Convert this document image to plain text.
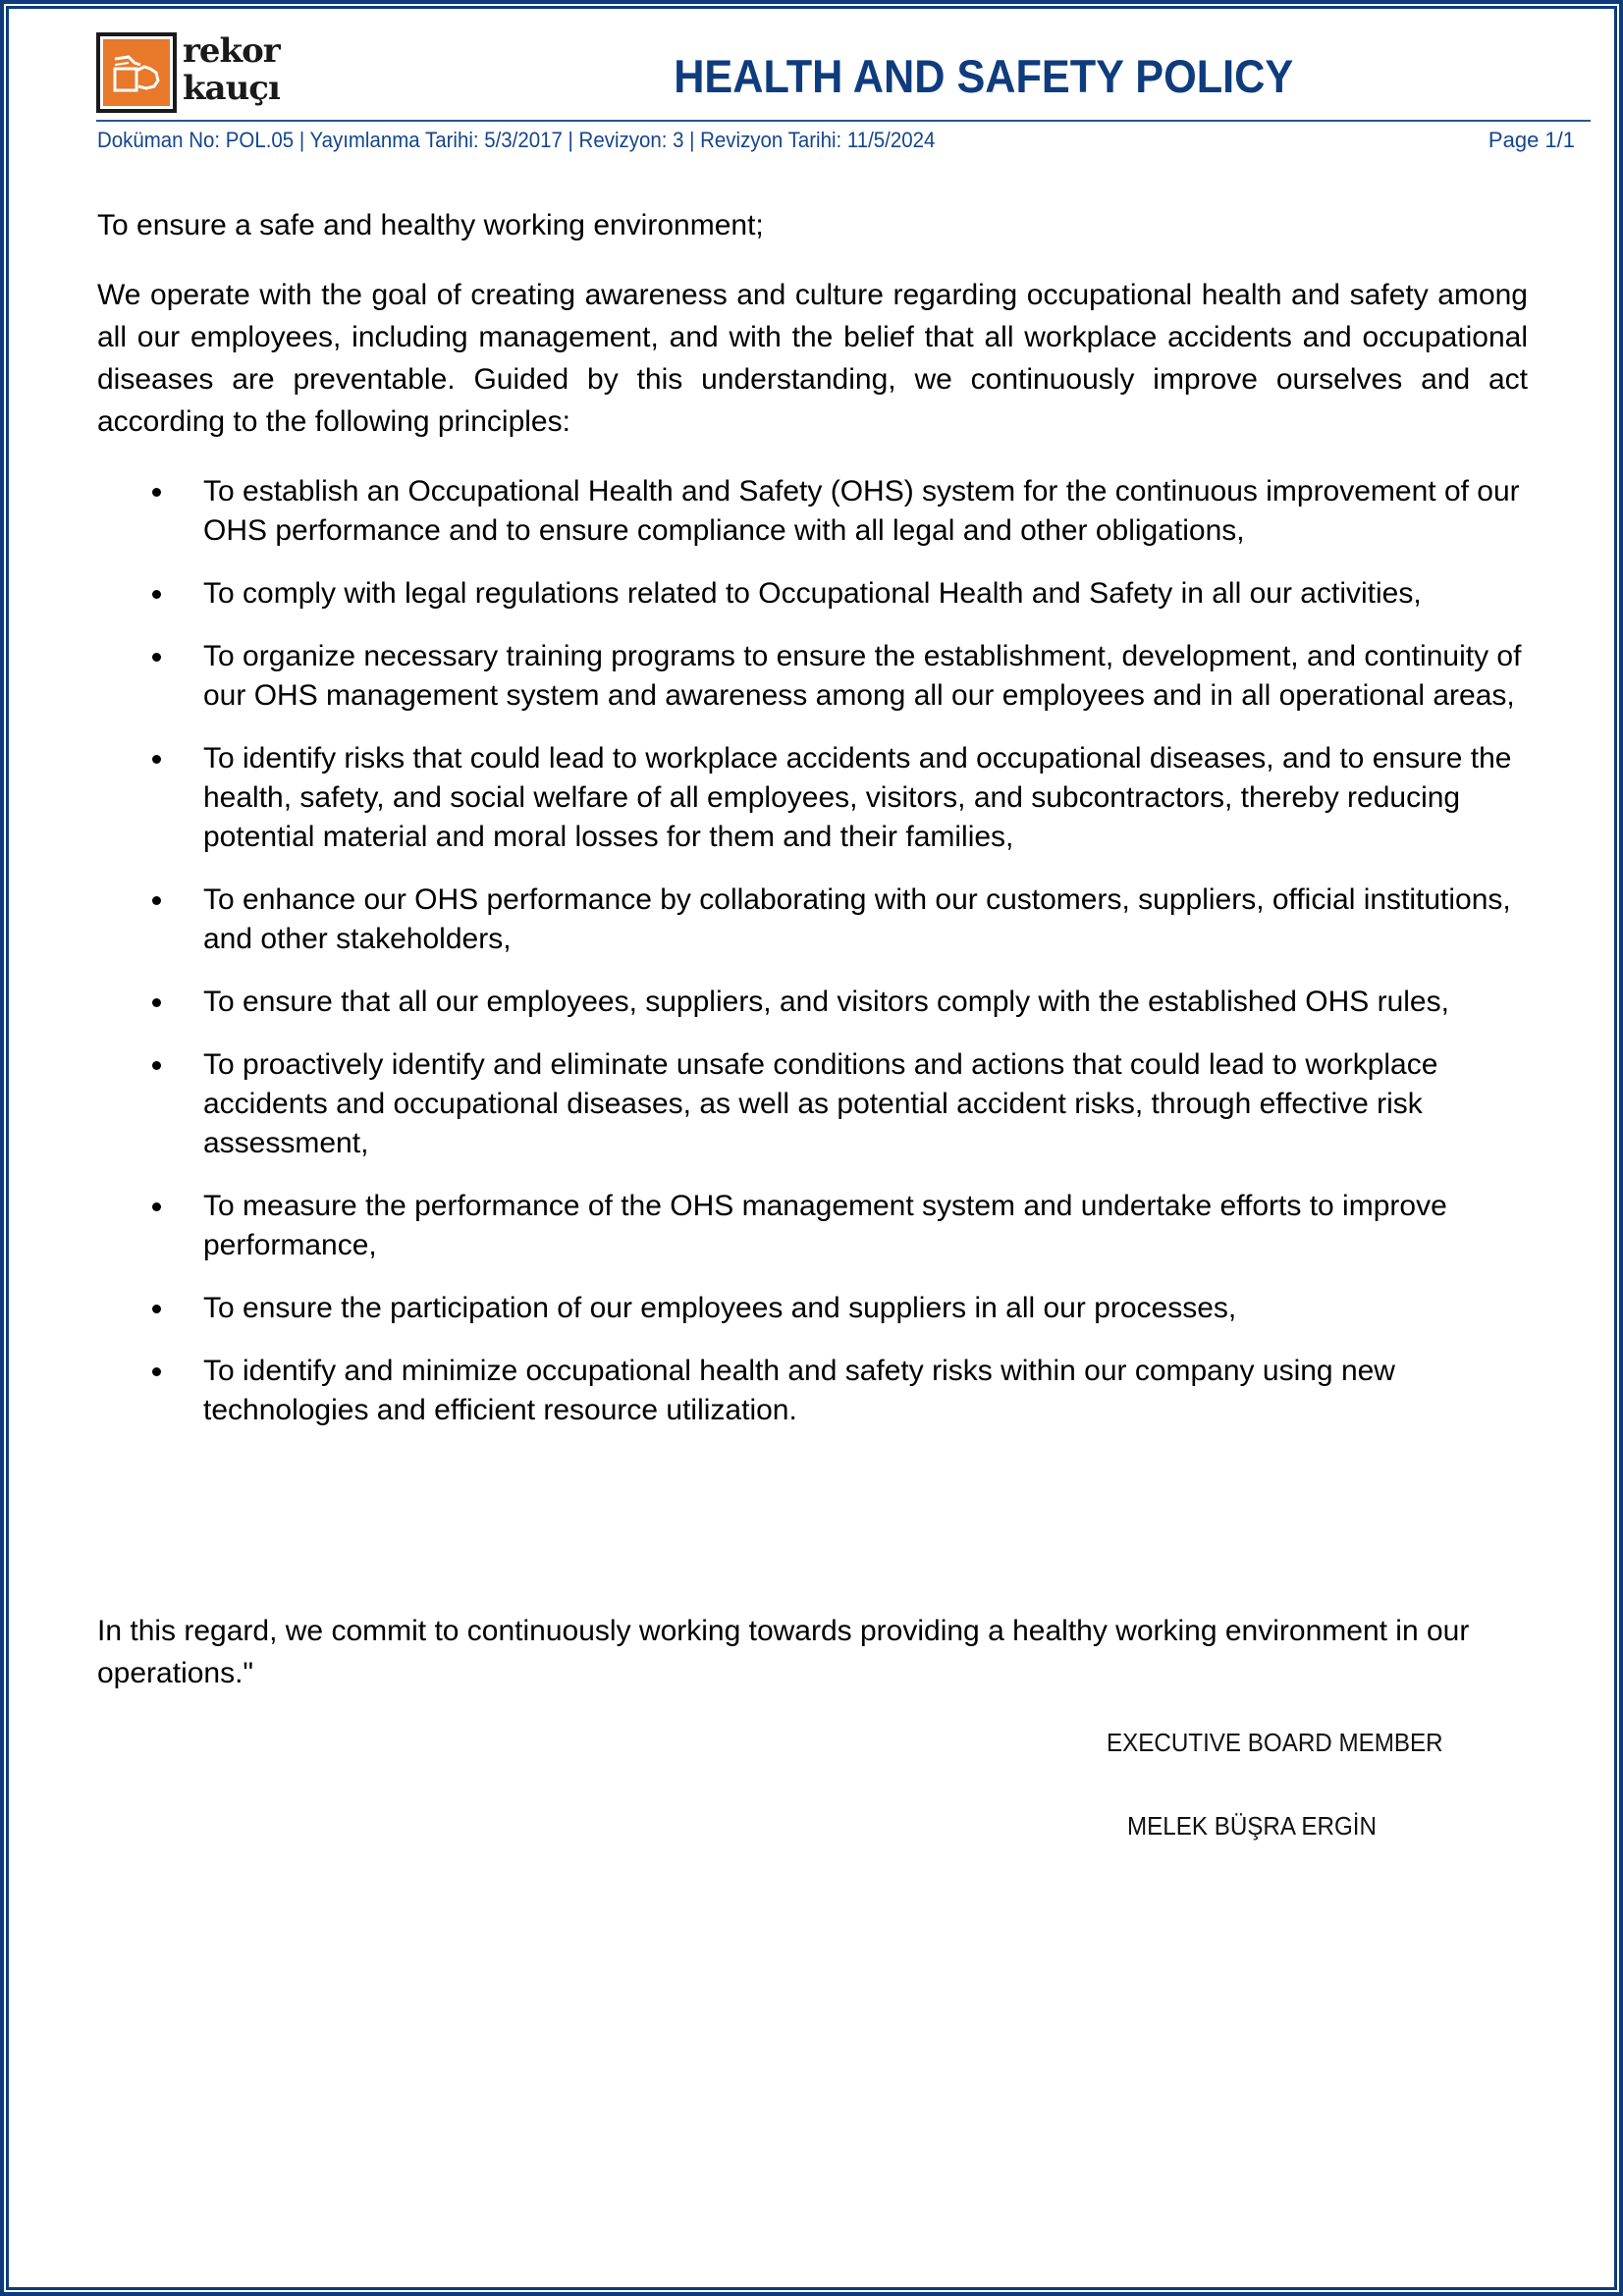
rekor
kauçı	HEALTH AND SAFETY POLICY
Doküman No: POL.05 | Yayımlanma Tarihi: 5/3/2017 | Revizyon: 3 | Revizyon Tarihi: 11/5/2024	Page 1/1
To ensure a safe and healthy working environment;
We operate with the goal of creating awareness and culture regarding occupational health and safety among all our employees, including management, and with the belief that all workplace accidents and occupational diseases are preventable. Guided by this understanding, we continuously improve ourselves and act according to the following principles:
To establish an Occupational Health and Safety (OHS) system for the continuous improvement of our OHS performance and to ensure compliance with all legal and other obligations,
To comply with legal regulations related to Occupational Health and Safety in all our activities,
To organize necessary training programs to ensure the establishment, development, and continuity of our OHS management system and awareness among all our employees and in all operational areas,
To identify risks that could lead to workplace accidents and occupational diseases, and to ensure the health, safety, and social welfare of all employees, visitors, and subcontractors, thereby reducing potential material and moral losses for them and their families,
To enhance our OHS performance by collaborating with our customers, suppliers, official institutions, and other stakeholders,
To ensure that all our employees, suppliers, and visitors comply with the established OHS rules,
To proactively identify and eliminate unsafe conditions and actions that could lead to workplace accidents and occupational diseases, as well as potential accident risks, through effective risk assessment,
To measure the performance of the OHS management system and undertake efforts to improve performance,
To ensure the participation of our employees and suppliers in all our processes,
To identify and minimize occupational health and safety risks within our company using new technologies and efficient resource utilization.
In this regard, we commit to continuously working towards providing a healthy working environment in our operations."
EXECUTIVE BOARD MEMBER
MELEK BÜŞRA ERGİN
